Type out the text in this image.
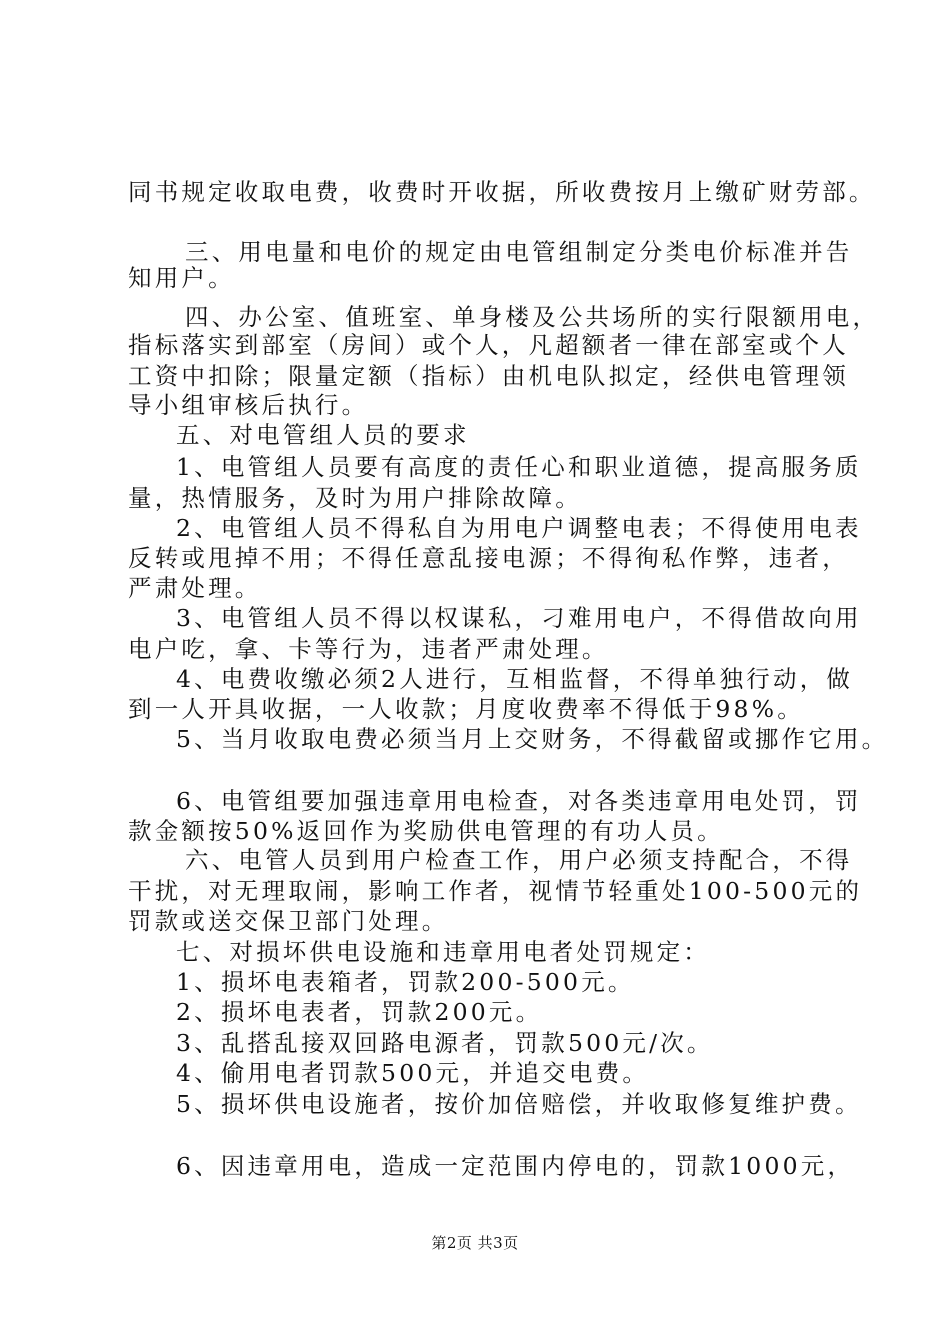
同书规定收取电费，收费时开收据，所收费按月上缴矿财劳部。
三、用电量和电价的规定由电管组制定分类电价标准并告
知用户。
四、办公室、值班室、单身楼及公共场所的实行限额用电，
指标落实到部室（房间）或个人，凡超额者一律在部室或个人
工资中扣除；限量定额（指标）由机电队拟定，经供电管理领
导小组审核后执行。
五、对电管组人员的要求
1、电管组人员要有高度的责任心和职业道德，提高服务质
量，热情服务，及时为用户排除故障。
2、电管组人员不得私自为用电户调整电表；不得使用电表
反转或甩掉不用；不得任意乱接电源；不得徇私作弊，违者，
严肃处理。
3、电管组人员不得以权谋私，刁难用电户，不得借故向用
电户吃，拿、卡等行为，违者严肃处理。
4、电费收缴必须2人进行，互相监督，不得单独行动，做
到一人开具收据，一人收款；月度收费率不得低于98%。
5、当月收取电费必须当月上交财务，不得截留或挪作它用。
6、电管组要加强违章用电检查，对各类违章用电处罚，罚
款金额按50%返回作为奖励供电管理的有功人员。
六、电管人员到用户检查工作，用户必须支持配合，不得
干扰，对无理取闹，影响工作者，视情节轻重处100-500元的
罚款或送交保卫部门处理。
七、对损坏供电设施和违章用电者处罚规定：
1、损坏电表箱者，罚款200-500元。
2、损坏电表者，罚款200元。
3、乱搭乱接双回路电源者，罚款500元/次。
4、偷用电者罚款500元，并追交电费。
5、损坏供电设施者，按价加倍赔偿，并收取修复维护费。
6、因违章用电，造成一定范围内停电的，罚款1000元，
第2页 共3页
